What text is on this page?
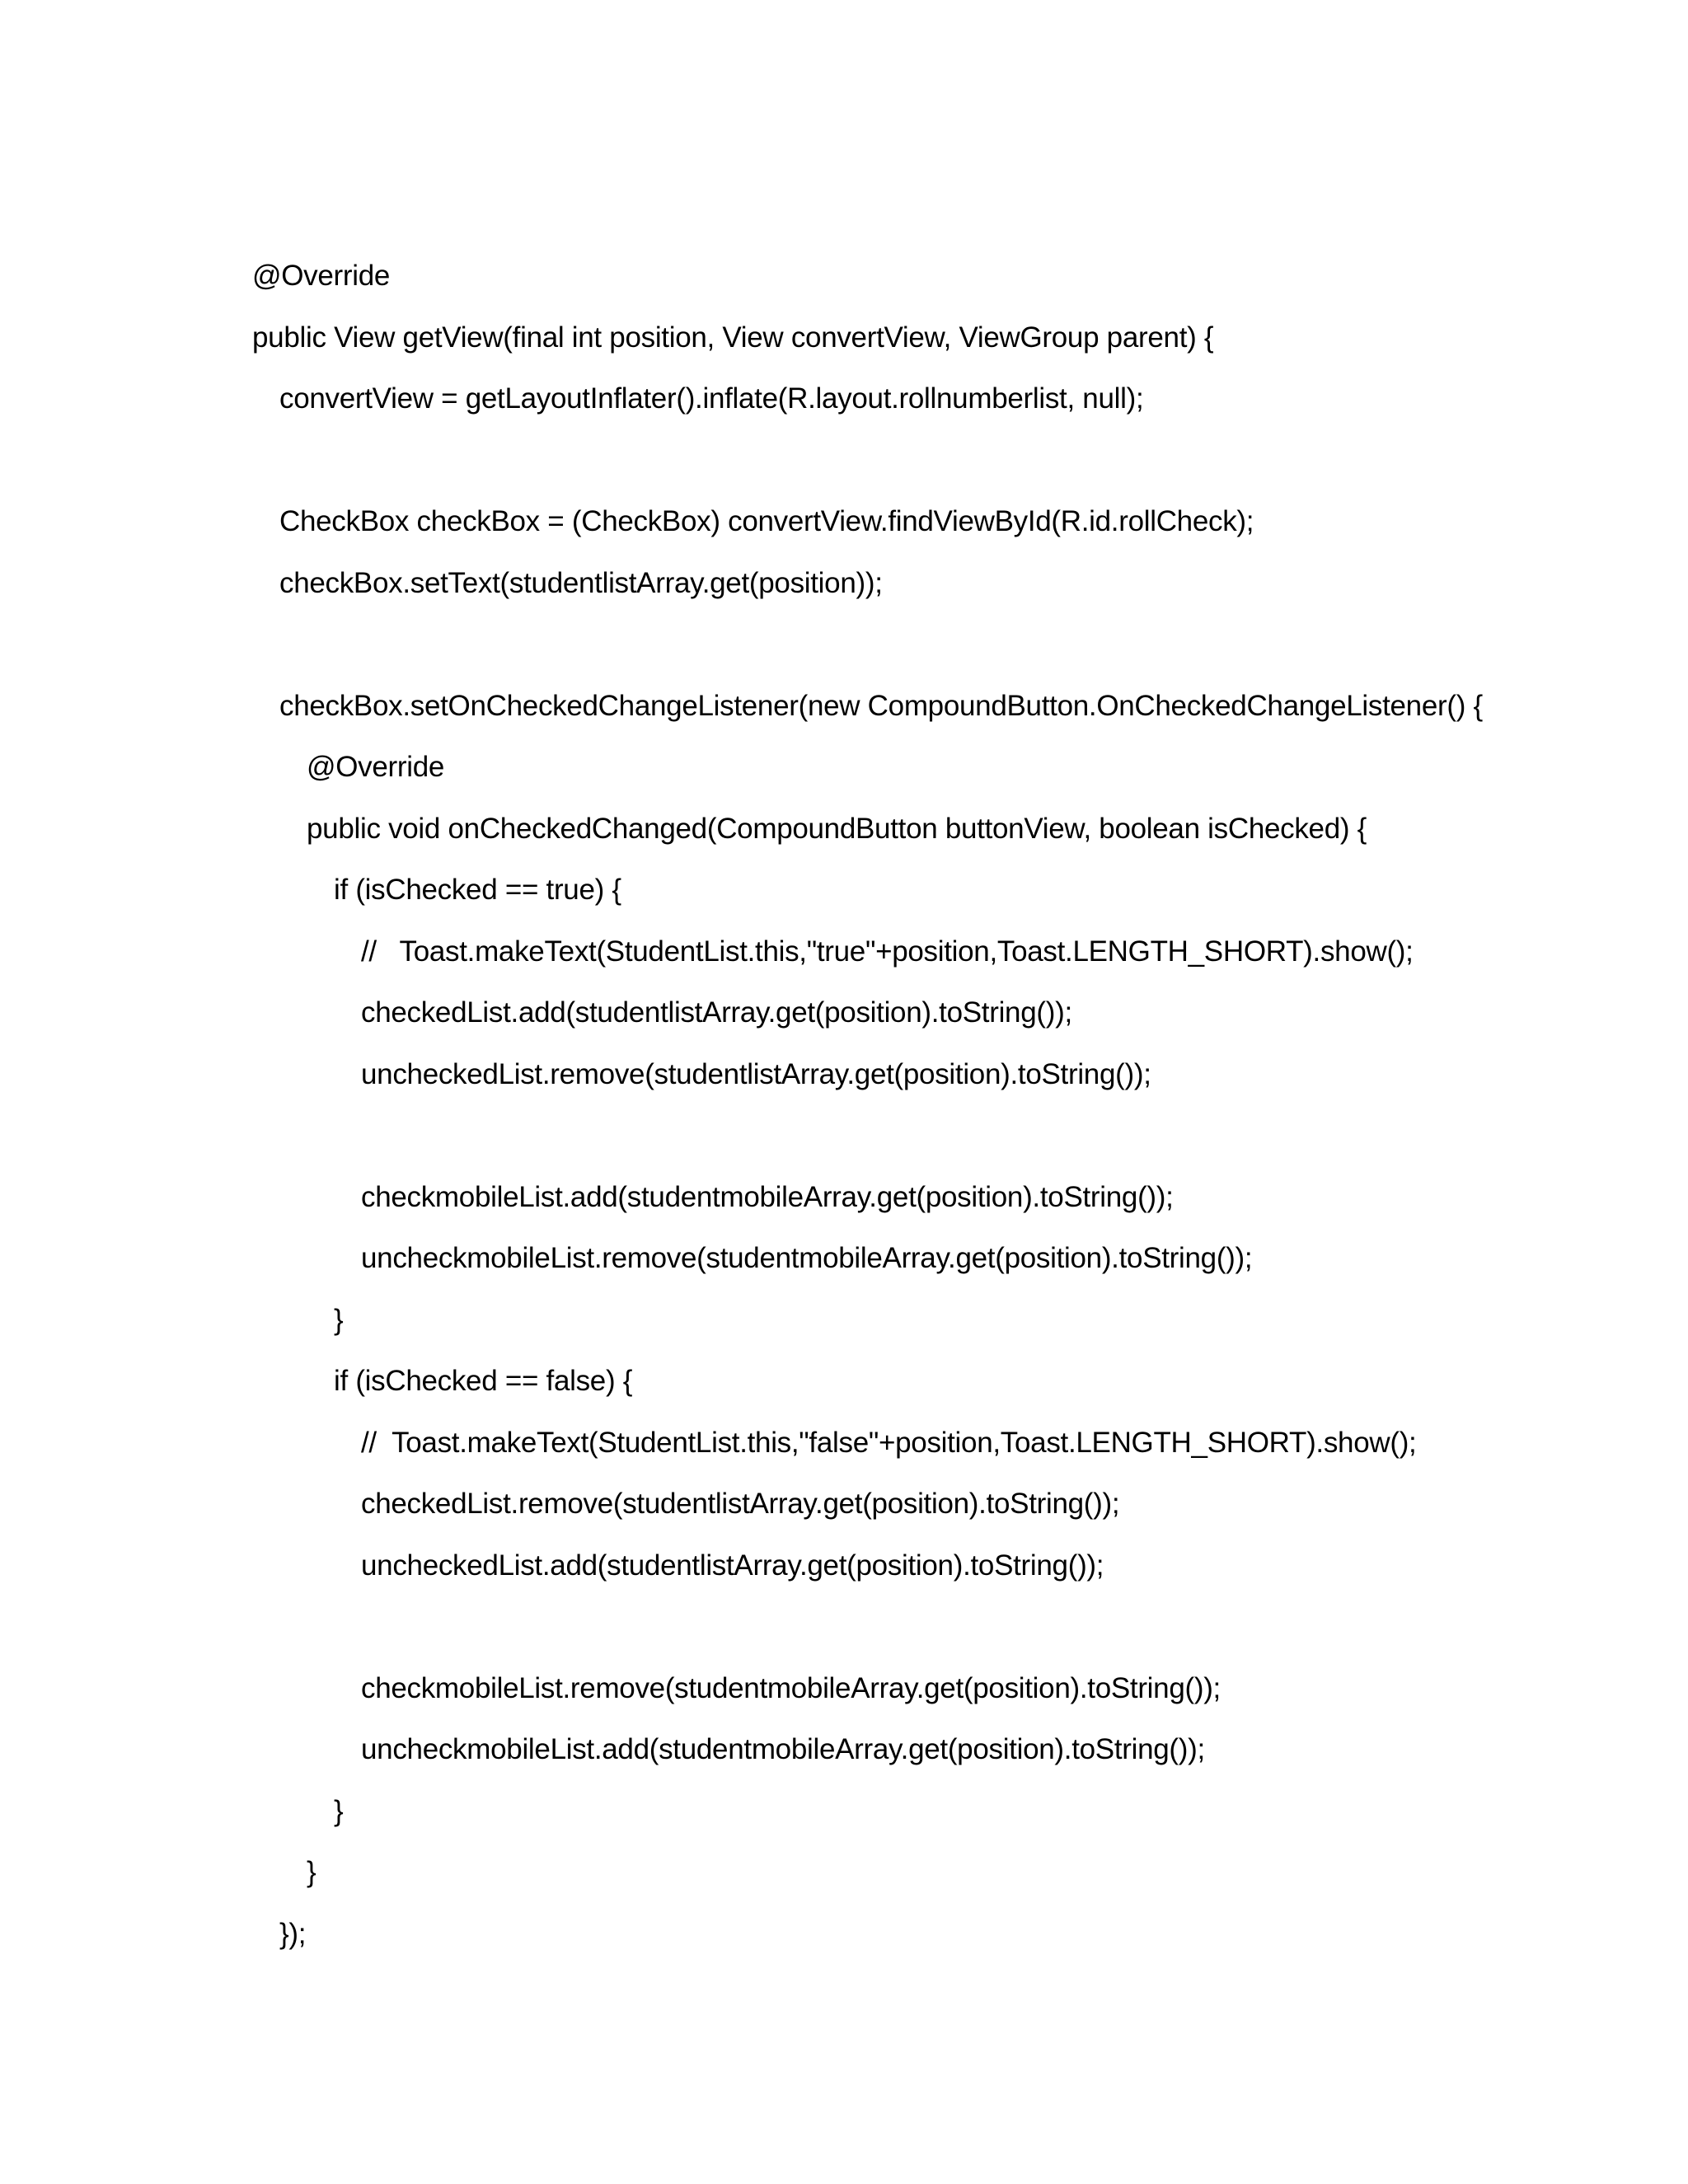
@Override
public View getView(final int position, View convertView, ViewGroup parent) {
convertView = getLayoutInflater().inflate(R.layout.rollnumberlist, null);
CheckBox checkBox = (CheckBox) convertView.findViewById(R.id.rollCheck);
checkBox.setText(studentlistArray.get(position));
checkBox.setOnCheckedChangeListener(new CompoundButton.OnCheckedChangeListener() {
@Override
public void onCheckedChanged(CompoundButton buttonView, boolean isChecked) {
if (isChecked == true) {
//   Toast.makeText(StudentList.this,"true"+position,Toast.LENGTH_SHORT).show();
checkedList.add(studentlistArray.get(position).toString());
uncheckedList.remove(studentlistArray.get(position).toString());
checkmobileList.add(studentmobileArray.get(position).toString());
uncheckmobileList.remove(studentmobileArray.get(position).toString());
}
if (isChecked == false) {
//  Toast.makeText(StudentList.this,"false"+position,Toast.LENGTH_SHORT).show();
checkedList.remove(studentlistArray.get(position).toString());
uncheckedList.add(studentlistArray.get(position).toString());
checkmobileList.remove(studentmobileArray.get(position).toString());
uncheckmobileList.add(studentmobileArray.get(position).toString());
}
}
});
